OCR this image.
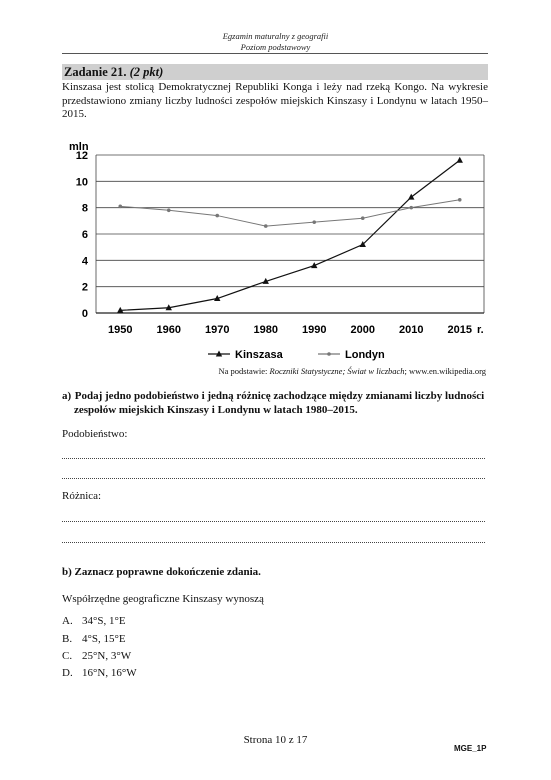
Egzamin maturalny z geografii
Poziom podstawowy
Zadanie 21. (2 pkt)
Kinszasa jest stolicą Demokratycznej Republiki Konga i leży nad rzeką Kongo. Na wykresie przedstawiono zmiany liczby ludności zespołów miejskich Kinszasy i Londynu w latach 1950–2015.
mln
0
2
4
6
8
10
12
1950 1960 1970 1980 1990 2000 2010 2015 r.
Kinszasa	Londyn
Na podstawie: Roczniki Statystyczne; Świat w liczbach; www.en.wikipedia.org
a) Podaj jedno podobieństwo i jedną różnicę zachodzące między zmianami liczby ludności
zespołów miejskich Kinszasy i Londynu w latach 1980–2015.
Podobieństwo:
Różnica:
b) Zaznacz poprawne dokończenie zdania.
Współrzędne geograficzne Kinszasy wynoszą
A. 34°S, 1°E
B. 4°S, 15°E
C. 25°N, 3°W
D. 16°N, 16°W
Strona 10 z 17
MGE_1P
